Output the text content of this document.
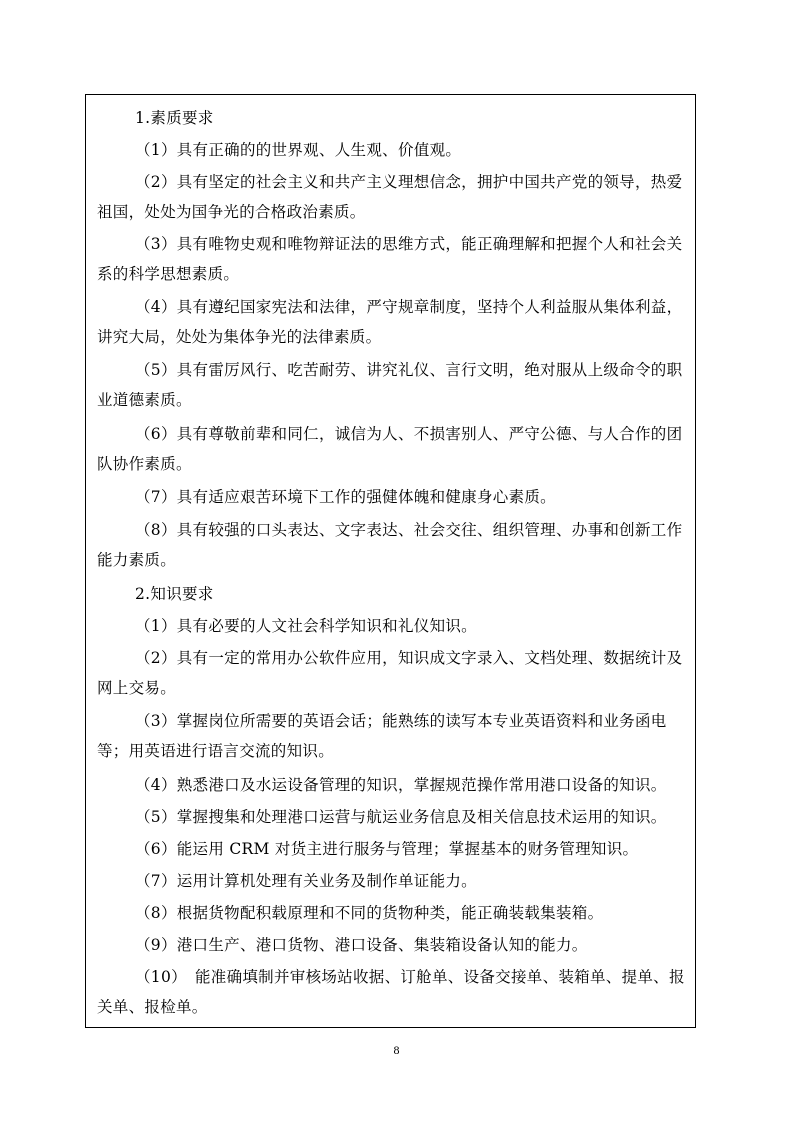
1.素质要求
（1）具有正确的的世界观、人生观、价值观。
（2）具有坚定的社会主义和共产主义理想信念，拥护中国共产党的领导，热爱祖国，处处为国争光的合格政治素质。
（3）具有唯物史观和唯物辩证法的思维方式，能正确理解和把握个人和社会关系的科学思想素质。
（4）具有遵纪国家宪法和法律，严守规章制度，坚持个人利益服从集体利益，讲究大局，处处为集体争光的法律素质。
（5）具有雷厉风行、吃苦耐劳、讲究礼仪、言行文明，绝对服从上级命令的职业道德素质。
（6）具有尊敬前辈和同仁，诚信为人、不损害别人、严守公德、与人合作的团队协作素质。
（7）具有适应艰苦环境下工作的强健体魄和健康身心素质。
（8）具有较强的口头表达、文字表达、社会交往、组织管理、办事和创新工作能力素质。
2.知识要求
（1）具有必要的人文社会科学知识和礼仪知识。
（2）具有一定的常用办公软件应用，知识成文字录入、文档处理、数据统计及网上交易。
（3）掌握岗位所需要的英语会话；能熟练的读写本专业英语资料和业务函电等；用英语进行语言交流的知识。
（4）熟悉港口及水运设备管理的知识，掌握规范操作常用港口设备的知识。
（5）掌握搜集和处理港口运营与航运业务信息及相关信息技术运用的知识。
（6）能运用 CRM 对货主进行服务与管理；掌握基本的财务管理知识。
（7）运用计算机处理有关业务及制作单证能力。
（8）根据货物配积载原理和不同的货物种类，能正确装载集装箱。
（9）港口生产、港口货物、港口设备、集装箱设备认知的能力。
（10）　能准确填制并审核场站收据、订舱单、设备交接单、装箱单、提单、报关单、报检单。
8
